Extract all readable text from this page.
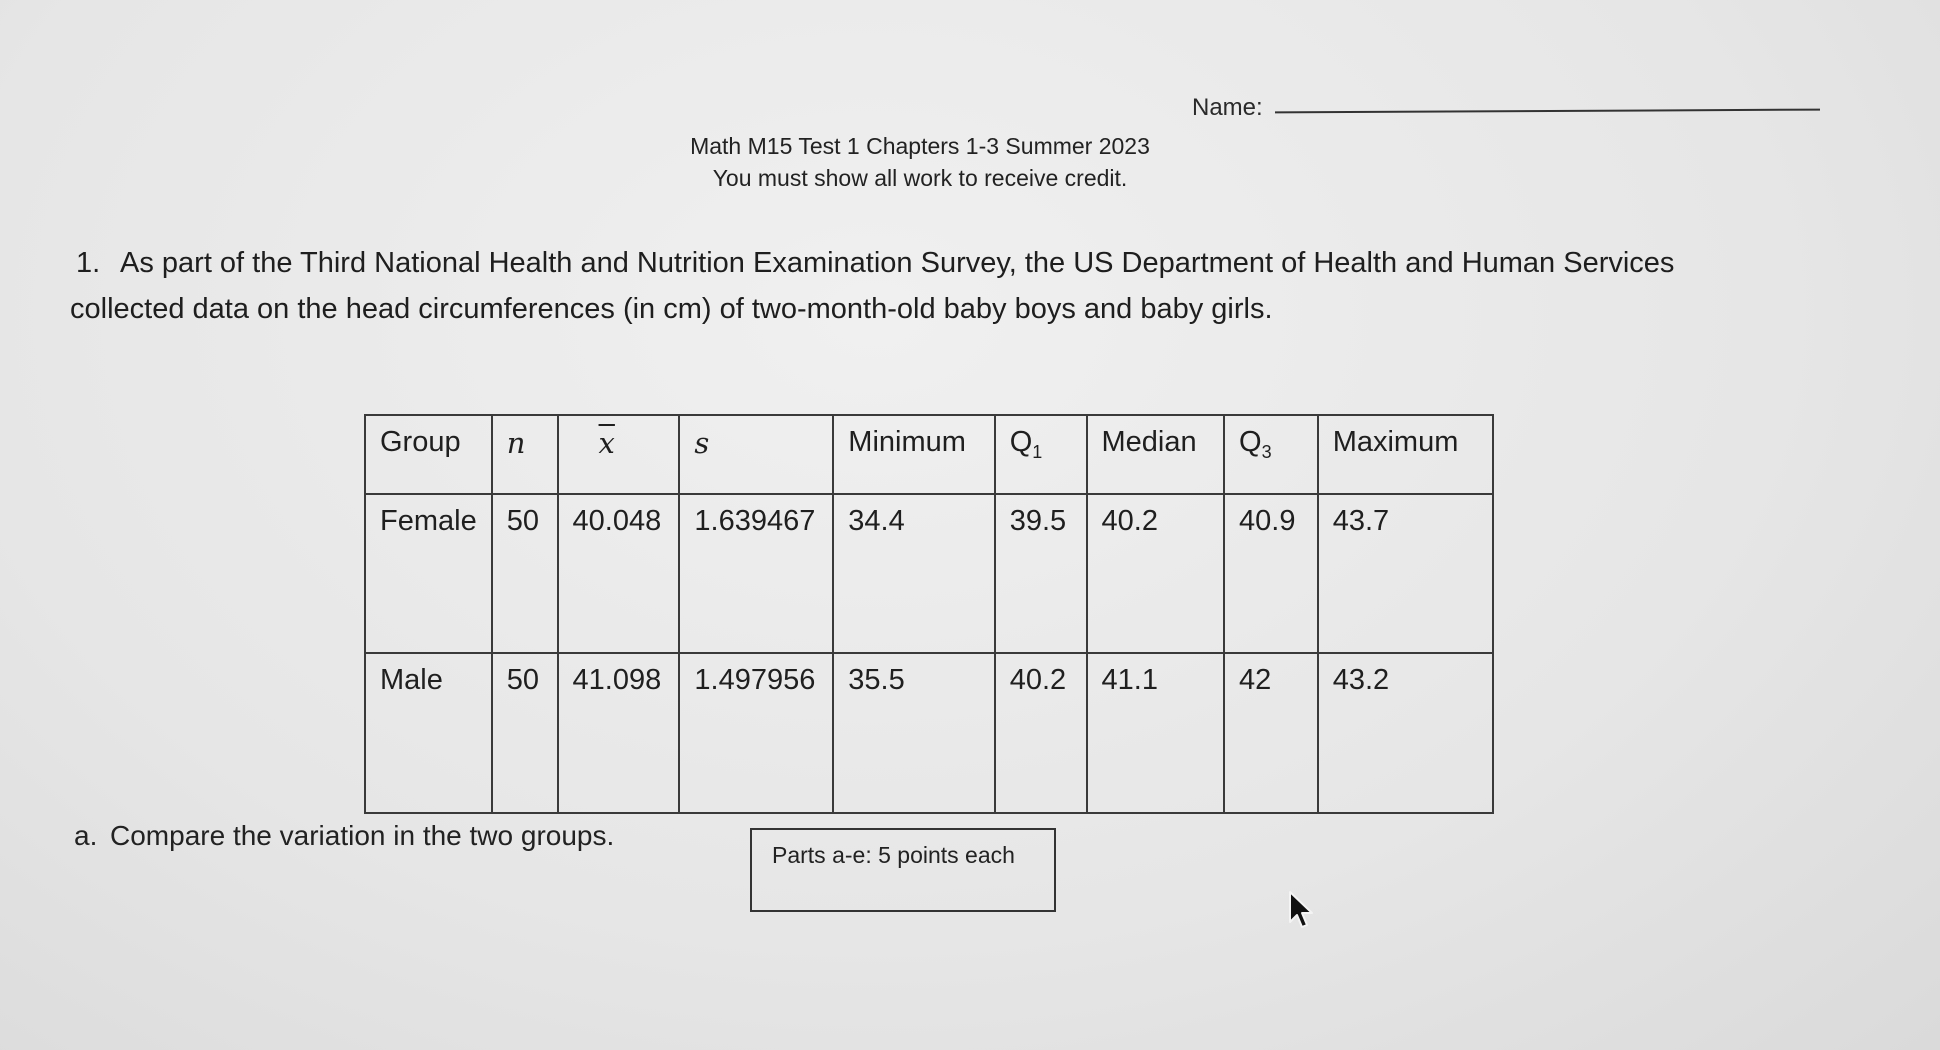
Name:
Math M15 Test 1 Chapters 1-3 Summer 2023
You must show all work to receive credit.
1. As part of the Third National Health and Nutrition Examination Survey, the US Department of Health and Human Services collected data on the head circumferences (in cm) of two-month-old baby boys and baby girls.
Group	n	$\overline{x}$	s	Minimum	$Q_1$	Median	$Q_3$	Maximum
Female	50	40.048	1.639467	34.4	39.5	40.2	40.9	43.7
Male	50	41.098	1.497956	35.5	40.2	41.1	42	43.2
a. Compare the variation in the two groups.
Parts a-e: 5 points each
